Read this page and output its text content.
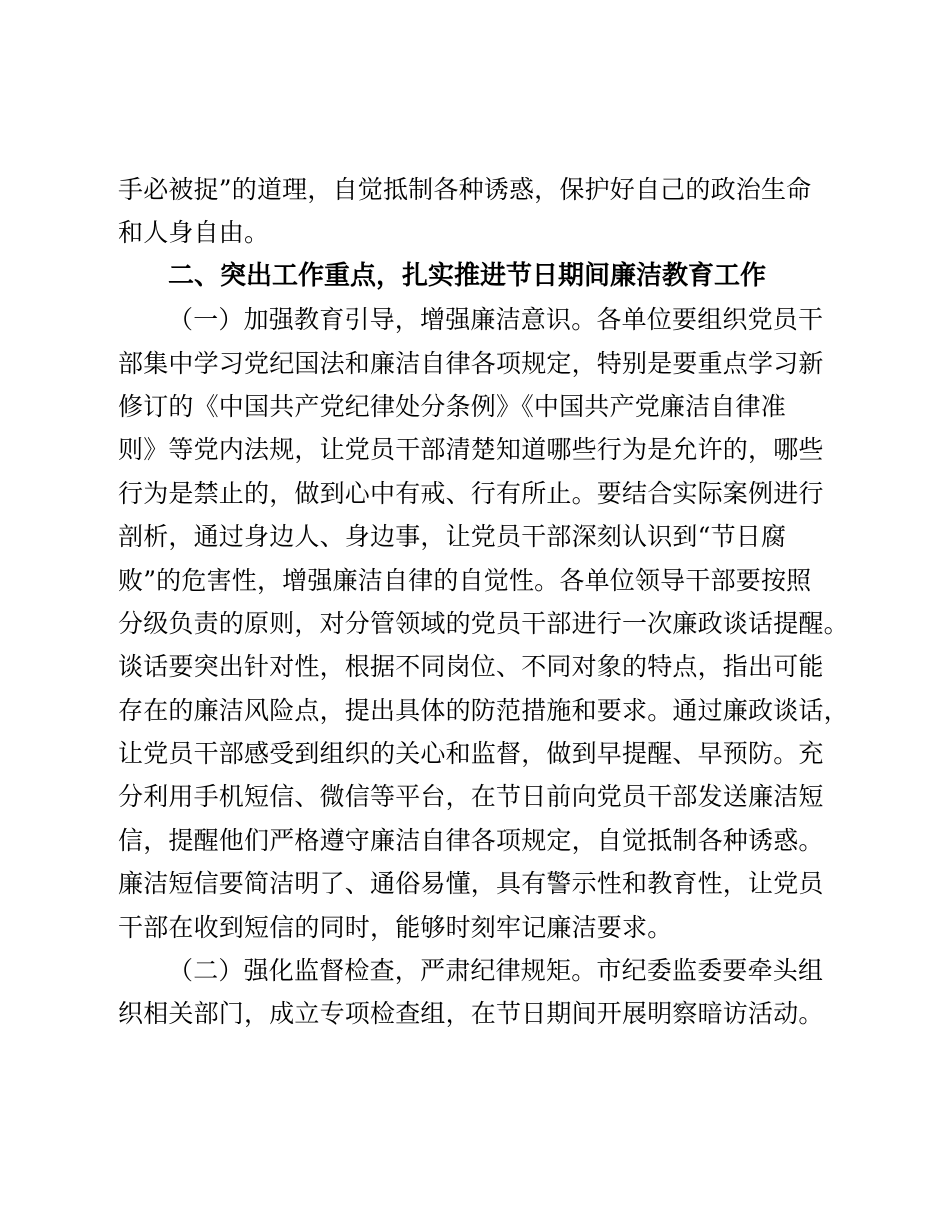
手必被捉”的道理，自觉抵制各种诱惑，保护好自己的政治生命
和人身自由。
二、突出工作重点，扎实推进节日期间廉洁教育工作
（一）加强教育引导，增强廉洁意识。各单位要组织党员干
部集中学习党纪国法和廉洁自律各项规定，特别是要重点学习新
修订的《中国共产党纪律处分条例》《中国共产党廉洁自律准
则》等党内法规，让党员干部清楚知道哪些行为是允许的，哪些
行为是禁止的，做到心中有戒、行有所止。要结合实际案例进行
剖析，通过身边人、身边事，让党员干部深刻认识到“节日腐
败”的危害性，增强廉洁自律的自觉性。各单位领导干部要按照
分级负责的原则，对分管领域的党员干部进行一次廉政谈话提醒。
谈话要突出针对性，根据不同岗位、不同对象的特点，指出可能
存在的廉洁风险点，提出具体的防范措施和要求。通过廉政谈话，
让党员干部感受到组织的关心和监督，做到早提醒、早预防。充
分利用手机短信、微信等平台，在节日前向党员干部发送廉洁短
信，提醒他们严格遵守廉洁自律各项规定，自觉抵制各种诱惑。
廉洁短信要简洁明了、通俗易懂，具有警示性和教育性，让党员
干部在收到短信的同时，能够时刻牢记廉洁要求。
（二）强化监督检查，严肃纪律规矩。市纪委监委要牵头组
织相关部门，成立专项检查组，在节日期间开展明察暗访活动。
